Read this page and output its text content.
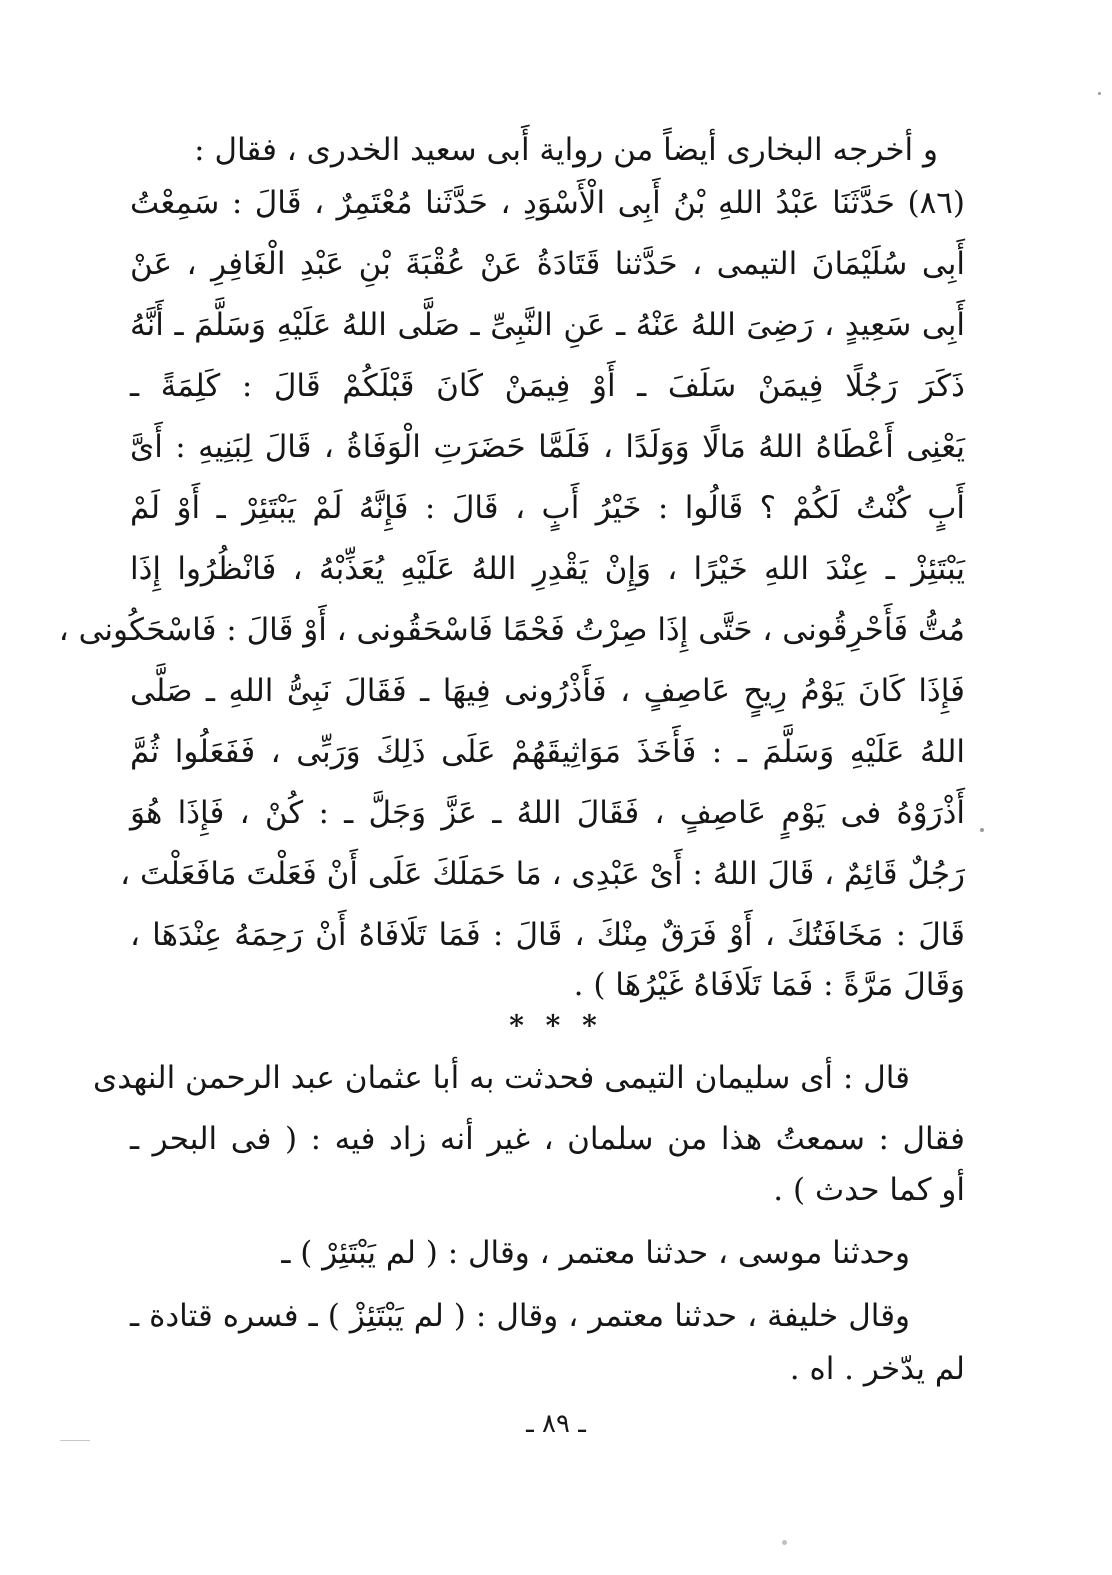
و أخرجه البخارى أيضاً من رواية أَبى سعيد الخدرى ، فقال :
(٨٦) حَدَّثَنَا عَبْدُ اللهِ بْنُ أَبِى الْأَسْوَدِ ، حَدَّثَنا مُعْتَمِرٌ ، قَالَ : سَمِعْتُ
أَبِى سُلَيْمَانَ التيمى ، حَدَّثنا قَتَادَةُ عَنْ عُقْبَةَ بْنِ عَبْدِ الْغَافِرِ ، عَنْ
أَبِى سَعِيدٍ ، رَضِىَ اللهُ عَنْهُ ـ عَنِ النَّبِىِّ ـ صَلَّى اللهُ عَلَيْهِ وَسَلَّمَ ـ أَنَّهُ
ذَكَرَ رَجُلًا فِيمَنْ سَلَفَ ـ أَوْ فِيمَنْ كَانَ قَبْلَكُمْ قَالَ : كَلِمَةً ـ
يَعْنِى أَعْطَاهُ اللهُ مَالًا وَوَلَدًا ، فَلَمَّا حَضَرَتِ الْوَفَاةُ ، قَالَ لِبَنِيهِ : أَىَّ
أَبٍ كُنْتُ لَكُمْ ؟ قَالُوا : خَيْرُ أَبٍ ، قَالَ : فَإِنَّهُ لَمْ يَبْتَئِرْ ـ أَوْ لَمْ
يَبْتَئِزْ ـ عِنْدَ اللهِ خَيْرًا ، وَإِنْ يَقْدِرِ اللهُ عَلَيْهِ يُعَذِّبْهُ ، فَانْظُرُوا إِذَا
مُتُّ فَأَحْرِقُونى ، حَتَّى إِذَا صِرْتُ فَحْمًا فَاسْحَقُونى ، أَوْ قَالَ : فَاسْحَكُونى ،
فَإِذَا كَانَ يَوْمُ رِيحٍ عَاصِفٍ ، فَأَذْرُونى فِيهَا ـ فَقَالَ نَبِىُّ اللهِ ـ صَلَّى
اللهُ عَلَيْهِ وَسَلَّمَ ـ : فَأَخَذَ مَوَاثِيقَهُمْ عَلَى ذَلِكَ وَرَبِّى ، فَفَعَلُوا ثُمَّ
أَذْرَوْهُ فى يَوْمٍ عَاصِفٍ ، فَقَالَ اللهُ ـ عَزَّ وَجَلَّ ـ : كُنْ ، فَإِذَا هُوَ
رَجُلٌ قَائِمٌ ، قَالَ اللهُ : أَىْ عَبْدِى ، مَا حَمَلَكَ عَلَى أَنْ فَعَلْتَ مَافَعَلْتَ ،
قَالَ : مَخَافَتُكَ ، أَوْ فَرَقٌ مِنْكَ ، قَالَ : فَمَا تَلَافَاهُ أَنْ رَحِمَهُ عِنْدَهَا ،
وَقَالَ مَرَّةً : فَمَا تَلَافَاهُ غَيْرُهَا ) .
* * *
قال : أى سليمان التيمى فحدثت به أبا عثمان عبد الرحمن النهدى
فقال : سمعتُ هذا من سلمان ، غير أنه زاد فيه : ( فى البحر ـ
أو كما حدث ) .
وحدثنا موسى ، حدثنا معتمر ، وقال : ( لم يَبْتَئِرْ ) ـ
وقال خليفة ، حدثنا معتمر ، وقال : ( لم يَبْتَئِزْ ) ـ فسره قتادة ـ
لم يدّخر . اه .
ـ ٨٩ ـ
